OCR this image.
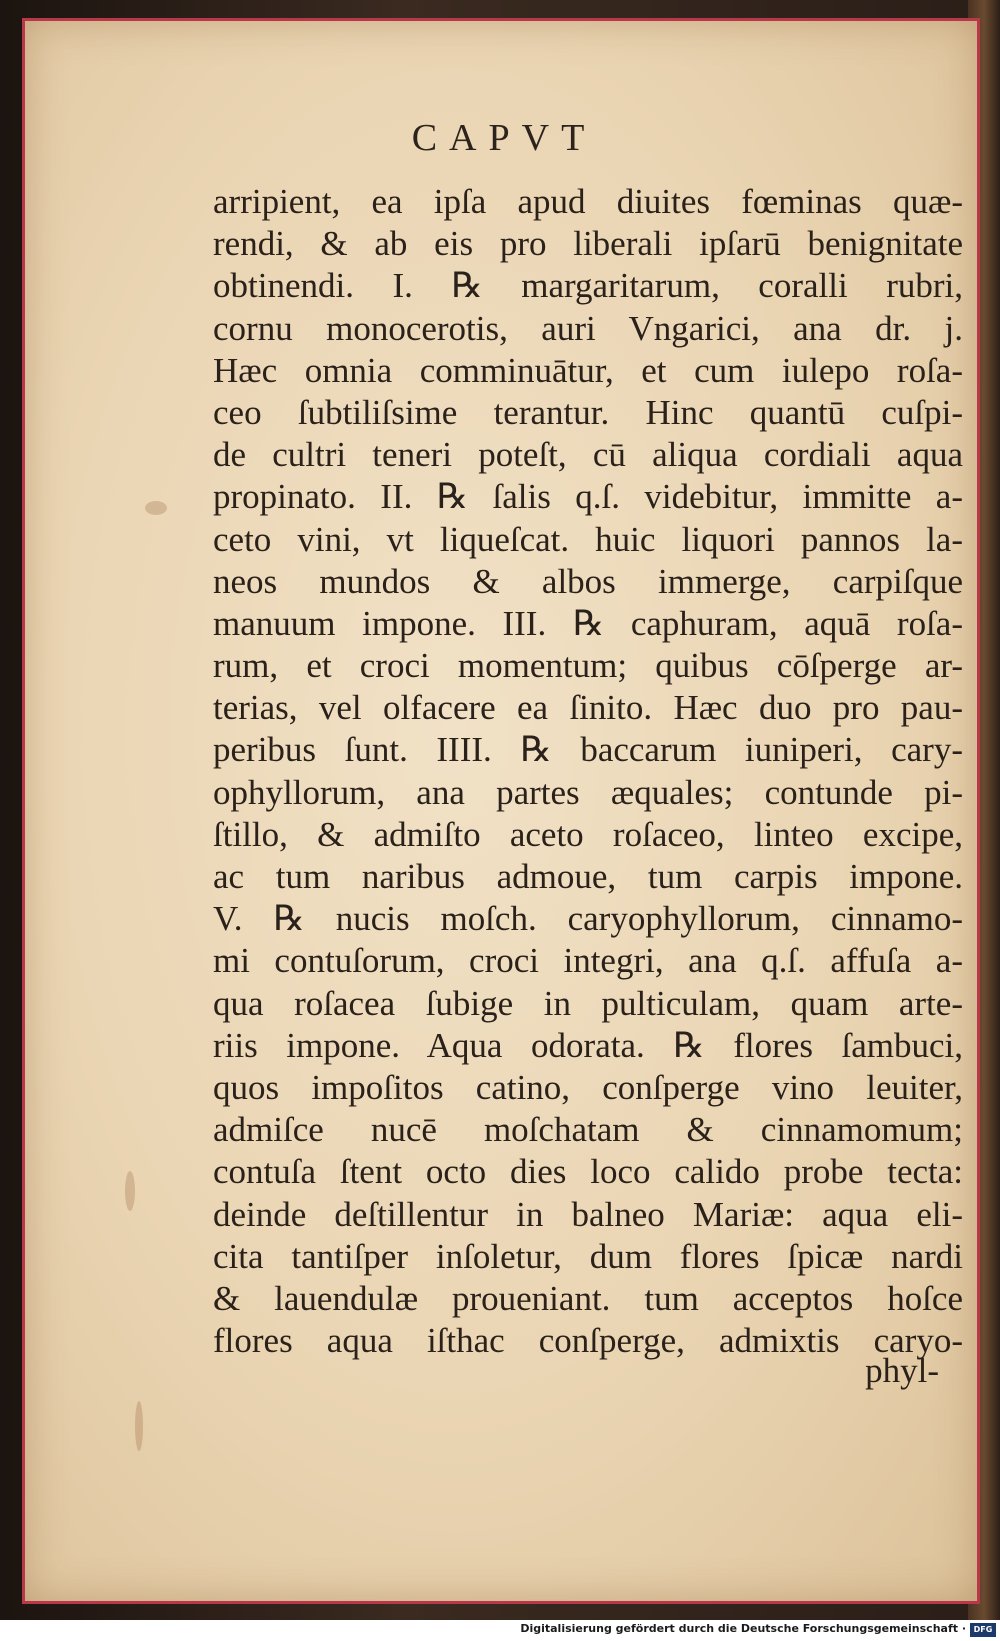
CAPVT
arripient, ea ipſa apud diuites fœminas quæ-
rendi, & ab eis pro liberali ipſarū benignitate
obtinendi. I. ℞ margaritarum, coralli rubri,
cornu monocerotis, auri Vngarici, ana dr. j.
Hæc omnia comminuātur, et cum iulepo roſa-
ceo ſubtiliſsime terantur. Hinc quantū cuſpi-
de cultri teneri poteſt, cū aliqua cordiali aqua
propinato. II. ℞ ſalis q.ſ. videbitur, immitte a-
ceto vini, vt liqueſcat. huic liquori pannos la-
neos mundos & albos immerge, carpiſque
manuum impone. III. ℞ caphuram, aquā roſa-
rum, et croci momentum; quibus cōſperge ar-
terias, vel olfacere ea ſinito. Hæc duo pro pau-
peribus ſunt. IIII. ℞ baccarum iuniperi, cary-
ophyllorum, ana partes æquales; contunde pi-
ſtillo, & admiſto aceto roſaceo, linteo excipe,
ac tum naribus admoue, tum carpis impone.
V. ℞ nucis moſch. caryophyllorum, cinnamo-
mi contuſorum, croci integri, ana q.ſ. affuſa a-
qua roſacea ſubige in pulticulam, quam arte-
riis impone. Aqua odorata. ℞ flores ſambuci,
quos impoſitos catino, conſperge vino leuiter,
admiſce nucē moſchatam & cinnamomum;
contuſa ſtent octo dies loco calido probe tecta:
deinde deſtillentur in balneo Mariæ: aqua eli-
cita tantiſper inſoletur, dum flores ſpicæ nardi
& lauendulæ proueniant. tum acceptos hoſce
flores aqua iſthac conſperge, admixtis caryo-
phyl-
Digitalisierung gefördert durch die Deutsche Forschungsgemeinschaft · DFG
